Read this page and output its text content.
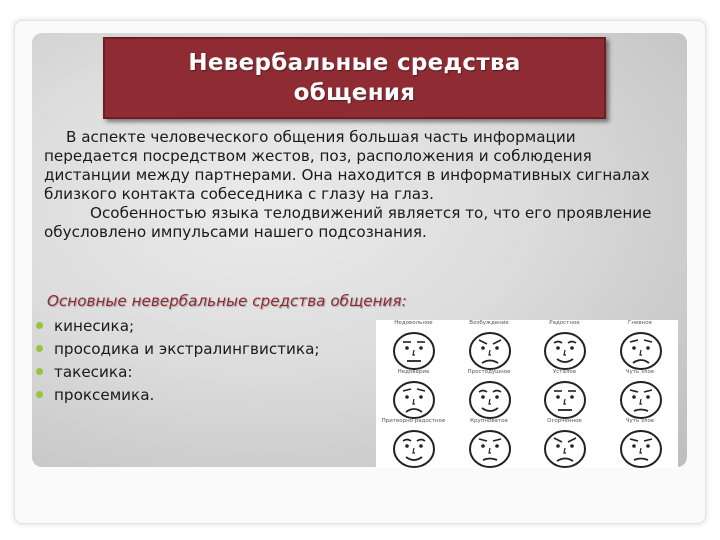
Невербальные средства
общения

В аспекте человеческого общения большая часть информации передается посредством жестов, поз, расположения и соблюдения дистанции между партнерами. Она находится в информативных сигналах близкого контакта собеседника с глазу на глаз.

Особенностью языка телодвижений является то, что его проявление обусловлено импульсами нашего подсознания.

Основные невербальные средства общения:
кинесика;
просодика и экстралингвистика;
такесика:
проксемика.
Недовольное	Возбуждение	Радостное	Гневное
Недоверие	Простодушное	Усталое	Чуть злое
Притворно радостное	Крупноватое	Огорчённое	Чуть злое
